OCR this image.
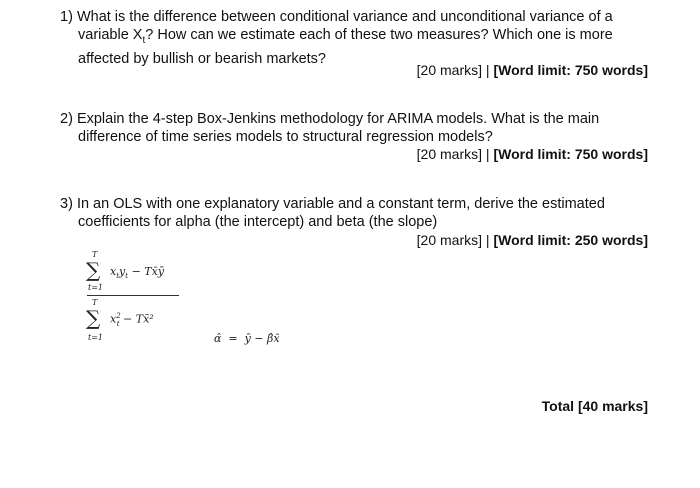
1) What is the difference between conditional variance and unconditional variance of a
variable $X_t$? How can we estimate each of these two measures? Which one is more
affected by bullish or bearish markets?
[20 marks] | [Word limit: 750 words]
2) Explain the 4-step Box-Jenkins methodology for ARIMA models. What is the main
difference of time series models to structural regression models?
[20 marks] | [Word limit: 750 words]
3) In an OLS with one explanatory variable and a constant term, derive the estimated
coefficients for alpha (the intercept) and beta (the slope)
[20 marks] | [Word limit: 250 words]
T
∑
t=1
$x_ty_t$ − Tx̄ȳ
T
∑
t=1
$x^2_t$ − Tx̄²
α̂  =  ȳ − β̂x̄
Total [40 marks]
